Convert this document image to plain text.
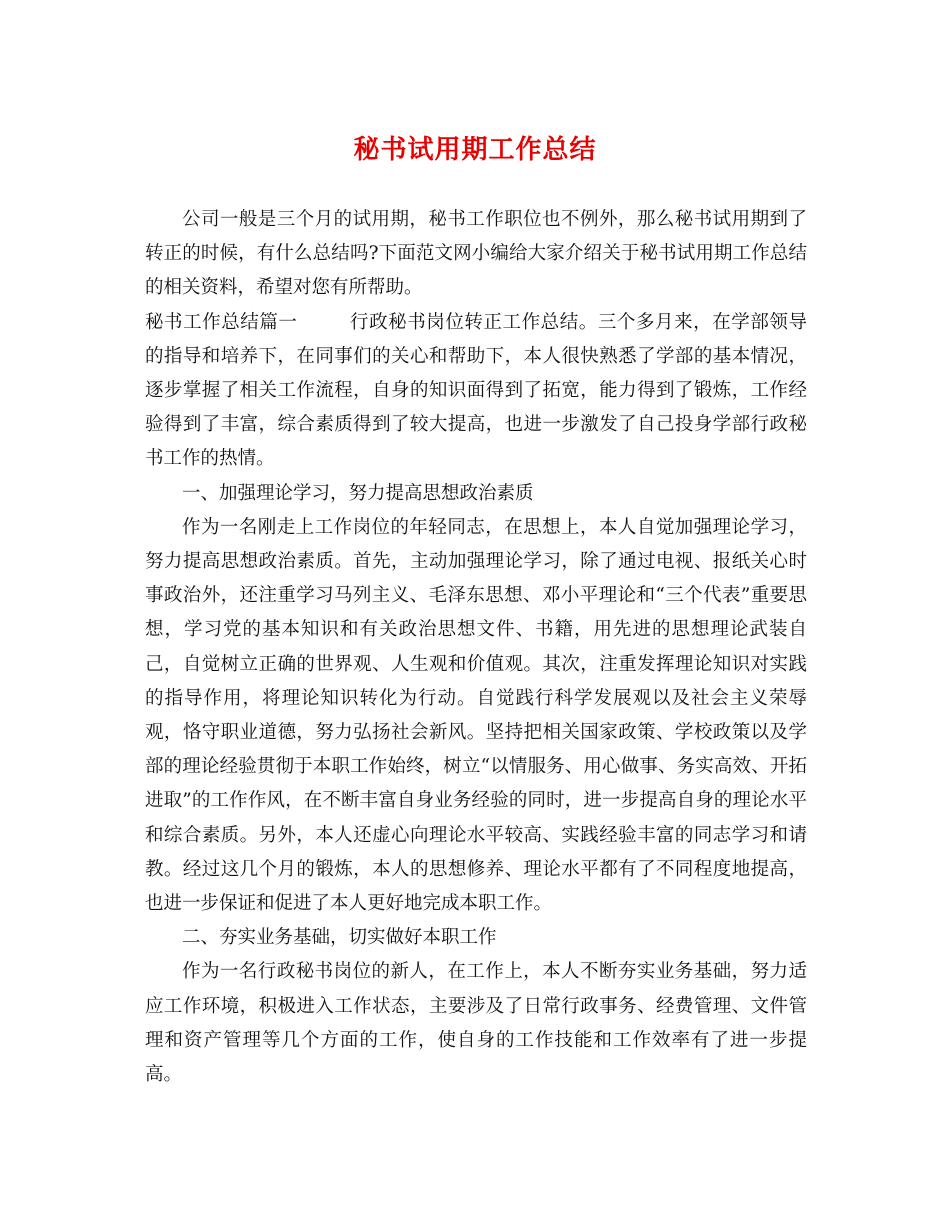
秘书试用期工作总结

公司一般是三个月的试用期，秘书工作职位也不例外，那么秘书试用期到了转正的时候，有什么总结吗?下面范文网小编给大家介绍关于秘书试用期工作总结的相关资料，希望对您有所帮助。

秘书工作总结篇一	行政秘书岗位转正工作总结。三个多月来，在学部领导的指导和培养下，在同事们的关心和帮助下，本人很快熟悉了学部的基本情况，逐步掌握了相关工作流程，自身的知识面得到了拓宽，能力得到了锻炼，工作经验得到了丰富，综合素质得到了较大提高，也进一步激发了自己投身学部行政秘书工作的热情。

一、加强理论学习，努力提高思想政治素质

作为一名刚走上工作岗位的年轻同志，在思想上，本人自觉加强理论学习，努力提高思想政治素质。首先，主动加强理论学习，除了通过电视、报纸关心时事政治外，还注重学习马列主义、毛泽东思想、邓小平理论和“三个代表”重要思想，学习党的基本知识和有关政治思想文件、书籍，用先进的思想理论武装自己，自觉树立正确的世界观、人生观和价值观。其次，注重发挥理论知识对实践的指导作用，将理论知识转化为行动。自觉践行科学发展观以及社会主义荣辱观，恪守职业道德，努力弘扬社会新风。坚持把相关国家政策、学校政策以及学部的理论经验贯彻于本职工作始终，树立“以情服务、用心做事、务实高效、开拓进取”的工作作风，在不断丰富自身业务经验的同时，进一步提高自身的理论水平和综合素质。另外，本人还虚心向理论水平较高、实践经验丰富的同志学习和请教。经过这几个月的锻炼，本人的思想修养、理论水平都有了不同程度地提高，也进一步保证和促进了本人更好地完成本职工作。

二、夯实业务基础，切实做好本职工作

作为一名行政秘书岗位的新人，在工作上，本人不断夯实业务基础，努力适应工作环境，积极进入工作状态，主要涉及了日常行政事务、经费管理、文件管理和资产管理等几个方面的工作，使自身的工作技能和工作效率有了进一步提高。
